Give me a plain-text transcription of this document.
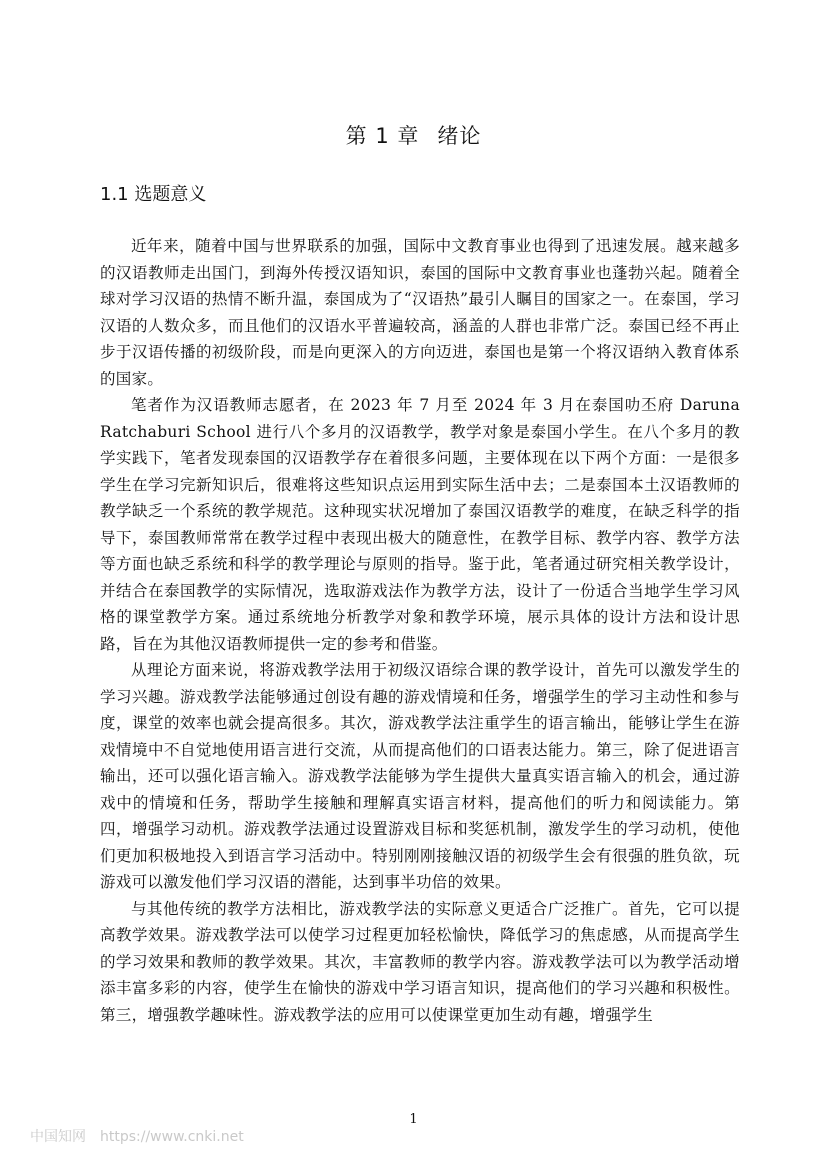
第 1 章 绪论
1.1 选题意义

近年来，随着中国与世界联系的加强，国际中文教育事业也得到了迅速发展。越来越多的汉语教师走出国门，到海外传授汉语知识，泰国的国际中文教育事业也蓬勃兴起。随着全球对学习汉语的热情不断升温，泰国成为了“汉语热”最引人瞩目的国家之一。在泰国，学习汉语的人数众多，而且他们的汉语水平普遍较高，涵盖的人群也非常广泛。泰国已经不再止步于汉语传播的初级阶段，而是向更深入的方向迈进，泰国也是第一个将汉语纳入教育体系的国家。

笔者作为汉语教师志愿者，在 2023 年 7 月至 2024 年 3 月在泰国叻丕府 Daruna Ratchaburi School 进行八个多月的汉语教学，教学对象是泰国小学生。在八个多月的教学实践下，笔者发现泰国的汉语教学存在着很多问题，主要体现在以下两个方面：一是很多学生在学习完新知识后，很难将这些知识点运用到实际生活中去；二是泰国本土汉语教师的教学缺乏一个系统的教学规范。这种现实状况增加了泰国汉语教学的难度，在缺乏科学的指导下，泰国教师常常在教学过程中表现出极大的随意性，在教学目标、教学内容、教学方法等方面也缺乏系统和科学的教学理论与原则的指导。鉴于此，笔者通过研究相关教学设计，并结合在泰国教学的实际情况，选取游戏法作为教学方法，设计了一份适合当地学生学习风格的课堂教学方案。通过系统地分析教学对象和教学环境，展示具体的设计方法和设计思路，旨在为其他汉语教师提供一定的参考和借鉴。

从理论方面来说，将游戏教学法用于初级汉语综合课的教学设计，首先可以激发学生的学习兴趣。游戏教学法能够通过创设有趣的游戏情境和任务，增强学生的学习主动性和参与度，课堂的效率也就会提高很多。其次，游戏教学法注重学生的语言输出，能够让学生在游戏情境中不自觉地使用语言进行交流，从而提高他们的口语表达能力。第三，除了促进语言输出，还可以强化语言输入。游戏教学法能够为学生提供大量真实语言输入的机会，通过游戏中的情境和任务，帮助学生接触和理解真实语言材料，提高他们的听力和阅读能力。第四，增强学习动机。游戏教学法通过设置游戏目标和奖惩机制，激发学生的学习动机，使他们更加积极地投入到语言学习活动中。特别刚刚接触汉语的初级学生会有很强的胜负欲，玩游戏可以激发他们学习汉语的潜能，达到事半功倍的效果。

与其他传统的教学方法相比，游戏教学法的实际意义更适合广泛推广。首先，它可以提高教学效果。游戏教学法可以使学习过程更加轻松愉快，降低学习的焦虑感，从而提高学生的学习效果和教师的教学效果。其次，丰富教师的教学内容。游戏教学法可以为教学活动增添丰富多彩的内容，使学生在愉快的游戏中学习语言知识，提高他们的学习兴趣和积极性。第三，增强教学趣味性。游戏教学法的应用可以使课堂更加生动有趣，增强学生

1
中国知网 https://www.cnki.net
